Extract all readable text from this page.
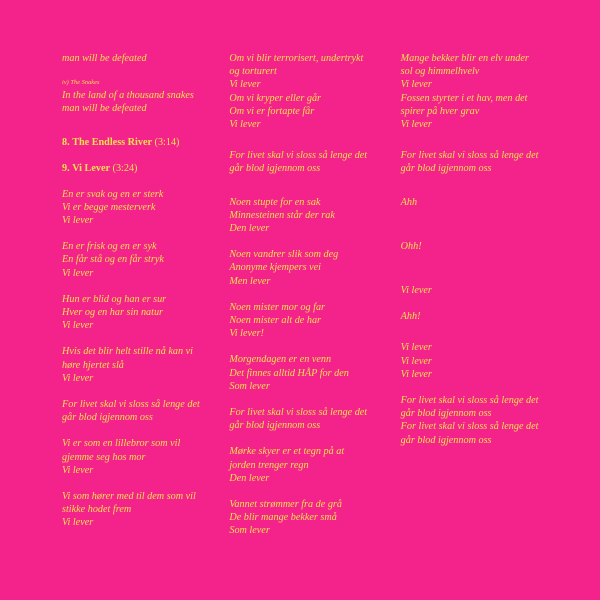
man will be defeated
iv) The Snakes
In the land of a thousand snakes
man will be defeated
8. The Endless River (3:14)
9. Vi Lever (3:24)
En er svak og en er sterk
Vi er begge mesterverk
Vi lever
En er frisk og en er syk
En får stå og en får stryk
Vi lever
Hun er blid og han er sur
Hver og en har sin natur
Vi lever
Hvis det blir helt stille nå kan vi
høre hjertet slå
Vi lever
For livet skal vi sloss så lenge det
går blod igjennom oss
Vi er som en lillebror som vil
gjemme seg hos mor
Vi lever
Vi som hører med til dem som vil
stikke hodet frem
Vi lever
Om vi blir terrorisert, undertrykt
og torturert
Vi lever
Om vi kryper eller går
Om vi er fortapte får
Vi lever
For livet skal vi sloss så lenge det
går blod igjennom oss
Noen stupte for en sak
Minnesteinen står der rak
Den lever
Noen vandrer slik som deg
Anonyme kjempers vei
Men lever
Noen mister mor og far
Noen mister alt de har
Vi lever!
Morgendagen er en venn
Det finnes alltid HÅP for den
Som lever
For livet skal vi sloss så lenge det
går blod igjennom oss
Mørke skyer er et tegn på at
jorden trenger regn
Den lever
Vannet strømmer fra de grå
De blir mange bekker små
Som lever
Mange bekker blir en elv under
sol og himmelhvelv
Vi lever
Fossen styrter i et hav, men det
spirer på hver grav
Vi lever
For livet skal vi sloss så lenge det
går blod igjennom oss
Ahh
Ohh!
Vi lever
Ahh!
Vi lever
Vi lever
Vi lever
For livet skal vi sloss så lenge det
går blod igjennom oss
For livet skal vi sloss så lenge det
går blod igjennom oss
